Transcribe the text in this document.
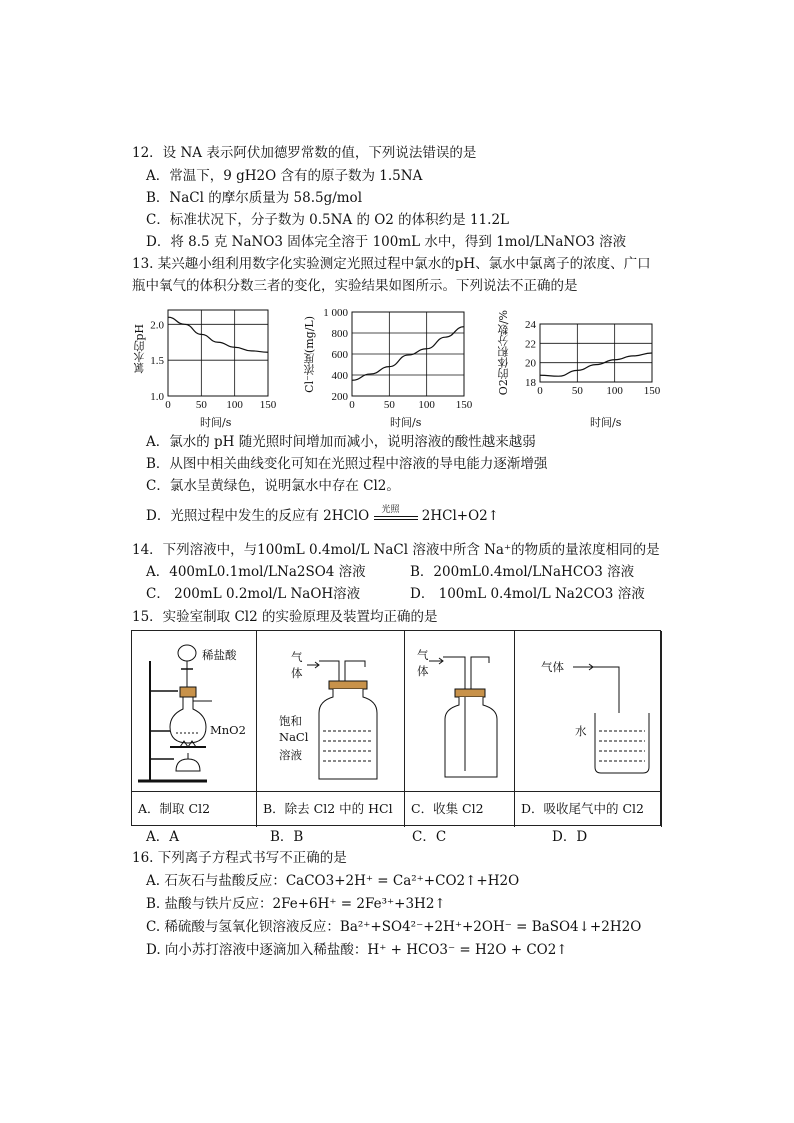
12．设 NA 表示阿伏加德罗常数的值，下列说法错误的是
A．常温下，9 gH2O 含有的原子数为 1.5NA
B．NaCl 的摩尔质量为 58.5g/mol
C．标准状况下，分子数为 0.5NA 的 O2 的体积约是 11.2L
D．将 8.5 克 NaNO3 固体完全溶于 100mL 水中，得到 1mol/LNaNO3 溶液
13. 某兴趣小组利用数字化实验测定光照过程中氯水的pH、氯水中氯离子的浓度、广口
瓶中氧气的体积分数三者的变化，实验结果如图所示。下列说法不正确的是
氯水的pH
0 50 100 150
1.0
1.5
2.0
时间/s
Cl⁻浓度(mg/L)
0	50 100 150
200
400
600
800
1 000
时间/s
O2的体积分数/% 0	50 100 150
18
20
22
24
时间/s
A．氯水的 pH 随光照时间增加而减小，说明溶液的酸性越来越弱
B．从图中相关曲线变化可知在光照过程中溶液的导电能力逐渐增强
C．氯水呈黄绿色，说明氯水中存在 Cl2。
D．光照过程中发生的反应有 2HClO 光照 2HCl+O2↑
14．下列溶液中，与100mL 0.4mol/L NaCl 溶液中所含 Na⁺的物质的量浓度相同的是
A．400mL0.1mol/LNa2SO4 溶液	B．200mL0.4mol/LNaHCO3 溶液
C． 200mL 0.2mol/L NaOH溶液	D． 100mL 0.4mol/L Na2CO3 溶液
15．实验室制取 Cl2 的实验原理及装置均正确的是
稀盐酸
MnO2
气
体
饱和
NaCl
溶液
气
体	气体
水
A．制取 Cl2	B．除去 Cl2 中的 HCl C．收集 Cl2	D．吸收尾气中的 Cl2
A．A	B．B	C．C	D．D
16. 下列离子方程式书写不正确的是
A. 石灰石与盐酸反应：CaCO3+2H⁺ = Ca²⁺+CO2↑+H2O
B. 盐酸与铁片反应：2Fe+6H⁺ = 2Fe³⁺+3H2↑
C. 稀硫酸与氢氧化钡溶液反应：Ba²⁺+SO4²⁻+2H⁺+2OH⁻ = BaSO4↓+2H2O
D. 向小苏打溶液中逐滴加入稀盐酸：H⁺ + HCO3⁻ = H2O + CO2↑
